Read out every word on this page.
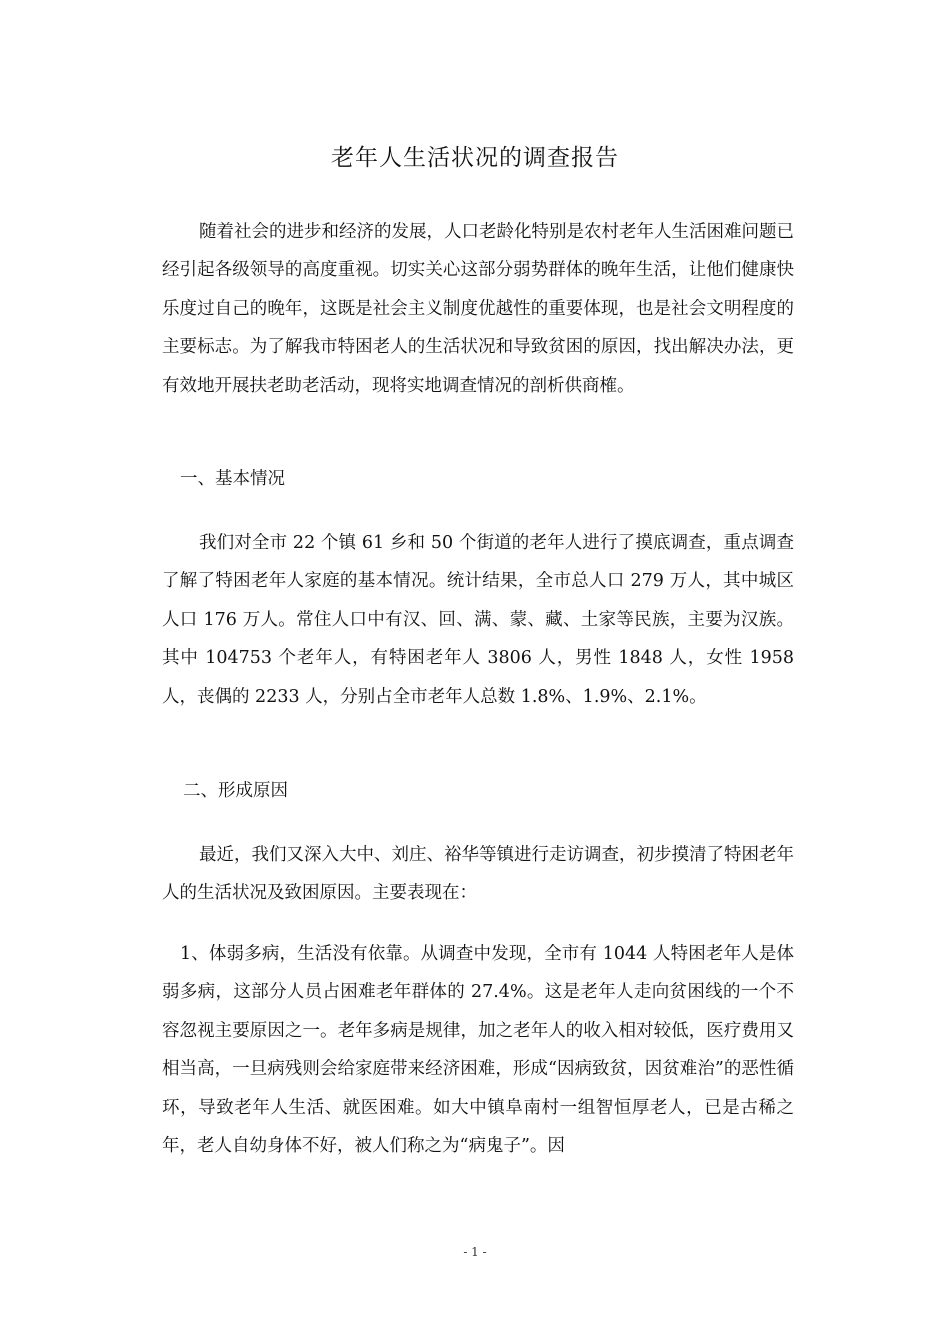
老年人生活状况的调查报告
随着社会的进步和经济的发展，人口老龄化特别是农村老年人生活困难问题已经引起各级领导的高度重视。切实关心这部分弱势群体的晚年生活，让他们健康快乐度过自己的晚年，这既是社会主义制度优越性的重要体现，也是社会文明程度的主要标志。为了解我市特困老人的生活状况和导致贫困的原因，找出解决办法，更有效地开展扶老助老活动，现将实地调查情况的剖析供商榷。
一、基本情况
我们对全市 22 个镇 61 乡和 50 个街道的老年人进行了摸底调查，重点调查了解了特困老年人家庭的基本情况。统计结果，全市总人口 279 万人，其中城区人口 176 万人。常住人口中有汉、回、满、蒙、藏、土家等民族，主要为汉族。其中 104753 个老年人，有特困老年人 3806 人，男性 1848 人，女性 1958 人，丧偶的 2233 人，分别占全市老年人总数 1.8%、1.9%、2.1%。
二、形成原因
最近，我们又深入大中、刘庄、裕华等镇进行走访调查，初步摸清了特困老年人的生活状况及致困原因。主要表现在：
1、体弱多病，生活没有依靠。从调查中发现，全市有 1044 人特困老年人是体弱多病，这部分人员占困难老年群体的 27.4%。这是老年人走向贫困线的一个不容忽视主要原因之一。老年多病是规律，加之老年人的收入相对较低，医疗费用又相当高，一旦病残则会给家庭带来经济困难，形成“因病致贫，因贫难治”的恶性循环，导致老年人生活、就医困难。如大中镇阜南村一组智恒厚老人，已是古稀之年，老人自幼身体不好，被人们称之为“病鬼子”。因
- 1 -
